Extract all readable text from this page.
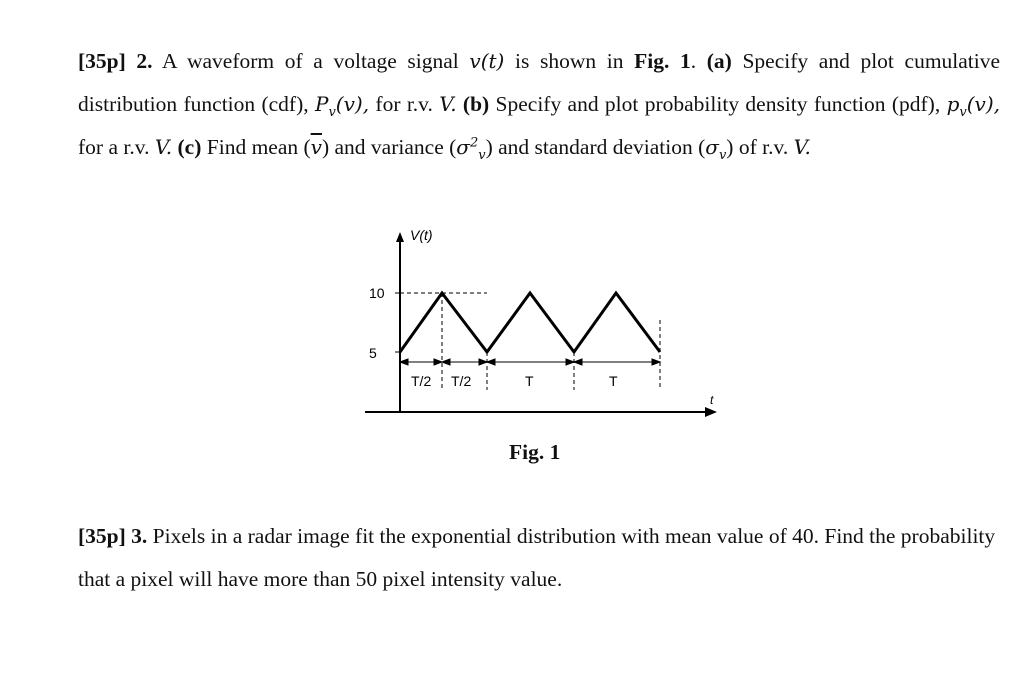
[35p] 2. A waveform of a voltage signal v(t) is shown in Fig. 1. (a) Specify and plot cumulative distribution function (cdf), $P_v(v)$, for r.v. V. (b) Specify and plot probability density function (pdf), $p_v(v)$, for a r.v. V. (c) Find mean $(\overline{v})$ and variance $(\sigma^2_v)$ and standard deviation $(\sigma_v)$ of r.v. V.
V(t)
t
10
5
T/2 T/2	T	T
Fig. 1
[35p] 3. Pixels in a radar image fit the exponential distribution with mean value of 40. Find the probability that a pixel will have more than 50 pixel intensity value.
